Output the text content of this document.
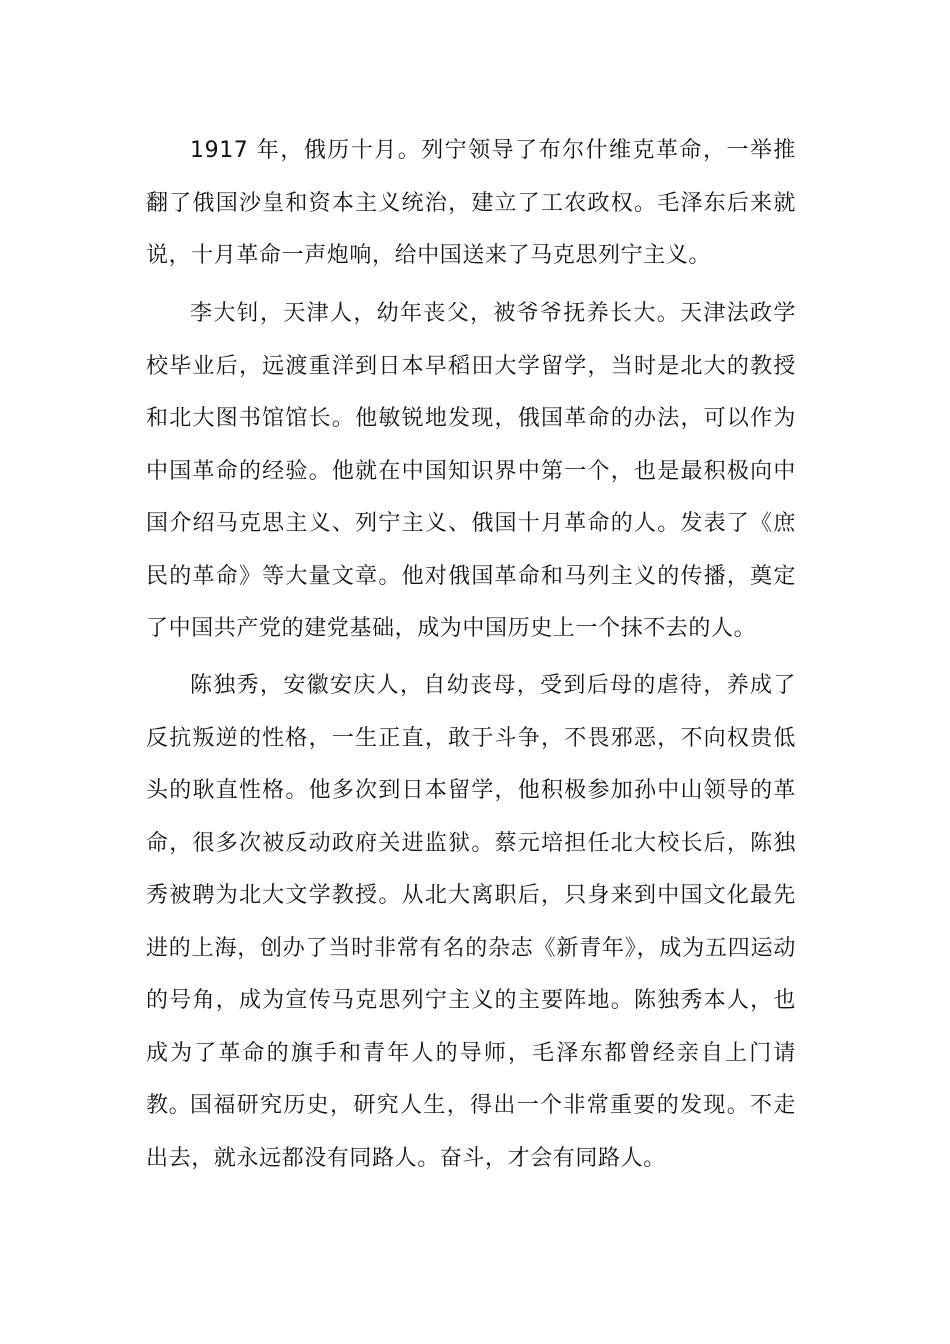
1917 年，俄历十月。列宁领导了布尔什维克革命，一举推翻了俄国沙皇和资本主义统治，建立了工农政权。毛泽东后来就说，十月革命一声炮响，给中国送来了马克思列宁主义。

李大钊，天津人，幼年丧父，被爷爷抚养长大。天津法政学校毕业后，远渡重洋到日本早稻田大学留学，当时是北大的教授和北大图书馆馆长。他敏锐地发现，俄国革命的办法，可以作为中国革命的经验。他就在中国知识界中第一个，也是最积极向中国介绍马克思主义、列宁主义、俄国十月革命的人。发表了《庶民的革命》等大量文章。他对俄国革命和马列主义的传播，奠定了中国共产党的建党基础，成为中国历史上一个抹不去的人。

陈独秀，安徽安庆人，自幼丧母，受到后母的虐待，养成了反抗叛逆的性格，一生正直，敢于斗争，不畏邪恶，不向权贵低头的耿直性格。他多次到日本留学，他积极参加孙中山领导的革命，很多次被反动政府关进监狱。蔡元培担任北大校长后，陈独秀被聘为北大文学教授。从北大离职后，只身来到中国文化最先进的上海，创办了当时非常有名的杂志《新青年》，成为五四运动的号角，成为宣传马克思列宁主义的主要阵地。陈独秀本人，也成为了革命的旗手和青年人的导师，毛泽东都曾经亲自上门请教。

国福研究历史，研究人生，得出一个非常重要的发现。不走出去，就永远都没有同路人。奋斗，才会有同路人。
